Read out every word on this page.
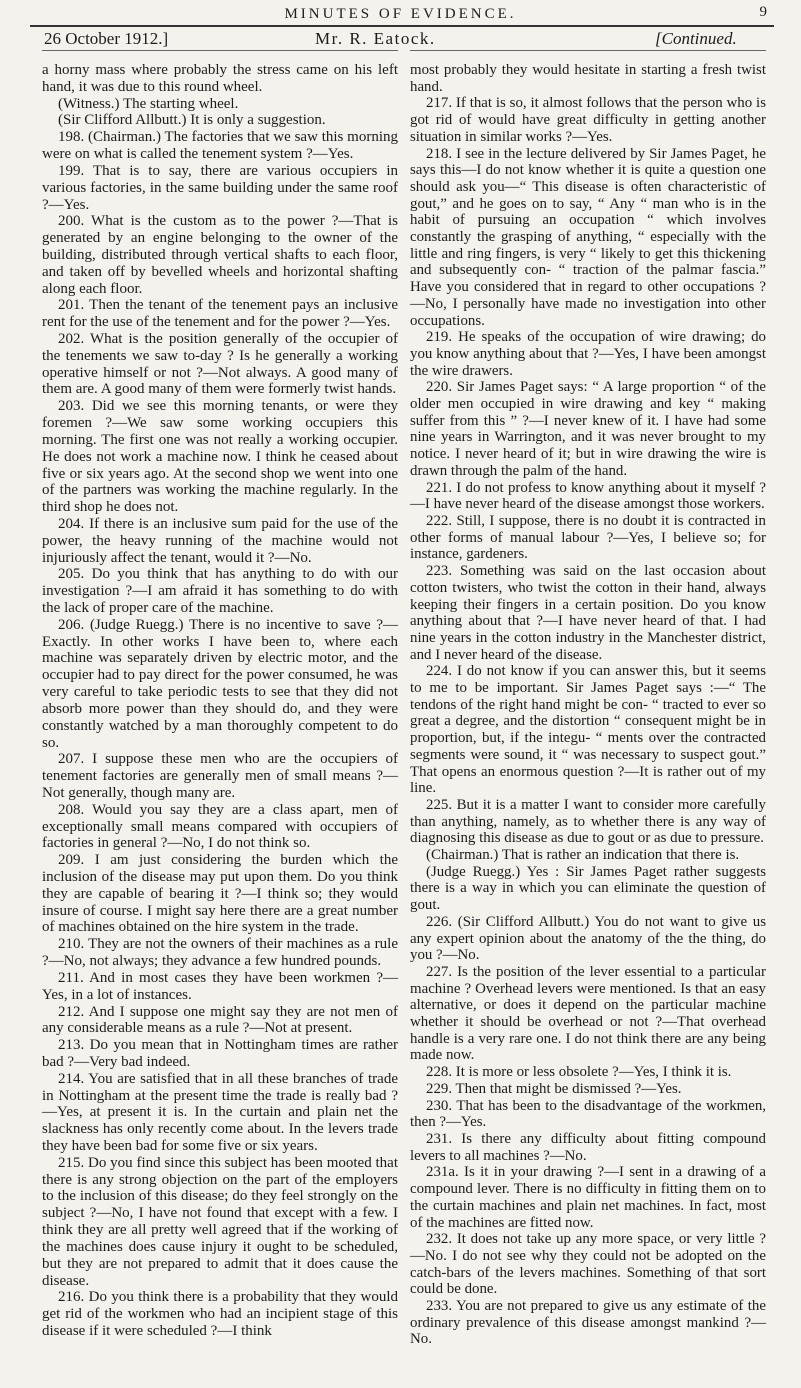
MINUTES OF EVIDENCE.	9
26 October 1912.]	Mr. R. Eatock.	[Continued.

a horny mass where probably the stress came on his left hand, it was due to this round wheel.

(Witness.) The starting wheel.

(Sir Clifford Allbutt.) It is only a suggestion.

198. (Chairman.) The factories that we saw this morning were on what is called the tenement system ?—Yes.

199. That is to say, there are various occupiers in various factories, in the same building under the same roof ?—Yes.

200. What is the custom as to the power ?—That is generated by an engine belonging to the owner of the building, distributed through vertical shafts to each floor, and taken off by bevelled wheels and horizontal shafting along each floor.

201. Then the tenant of the tenement pays an inclusive rent for the use of the tenement and for the power ?—Yes.

202. What is the position generally of the occupier of the tenements we saw to-day ? Is he generally a working operative himself or not ?—Not always. A good many of them are. A good many of them were formerly twist hands.

203. Did we see this morning tenants, or were they foremen ?—We saw some working occupiers this morning. The first one was not really a working occupier. He does not work a machine now. I think he ceased about five or six years ago. At the second shop we went into one of the partners was working the machine regularly. In the third shop he does not.

204. If there is an inclusive sum paid for the use of the power, the heavy running of the machine would not injuriously affect the tenant, would it ?—No.

205. Do you think that has anything to do with our investigation ?—I am afraid it has something to do with the lack of proper care of the machine.

206. (Judge Ruegg.) There is no incentive to save ?—Exactly. In other works I have been to, where each machine was separately driven by electric motor, and the occupier had to pay direct for the power consumed, he was very careful to take periodic tests to see that they did not absorb more power than they should do, and they were constantly watched by a man thoroughly competent to do so.

207. I suppose these men who are the occupiers of tenement factories are generally men of small means ?—Not generally, though many are.

208. Would you say they are a class apart, men of exceptionally small means compared with occupiers of factories in general ?—No, I do not think so.

209. I am just considering the burden which the inclusion of the disease may put upon them. Do you think they are capable of bearing it ?—I think so; they would insure of course. I might say here there are a great number of machines obtained on the hire system in the trade.

210. They are not the owners of their machines as a rule ?—No, not always; they advance a few hundred pounds.

211. And in most cases they have been workmen ?—Yes, in a lot of instances.

212. And I suppose one might say they are not men of any considerable means as a rule ?—Not at present.

213. Do you mean that in Nottingham times are rather bad ?—Very bad indeed.

214. You are satisfied that in all these branches of trade in Nottingham at the present time the trade is really bad ?—Yes, at present it is. In the curtain and plain net the slackness has only recently come about. In the levers trade they have been bad for some five or six years.

215. Do you find since this subject has been mooted that there is any strong objection on the part of the employers to the inclusion of this disease; do they feel strongly on the subject ?—No, I have not found that except with a few. I think they are all pretty well agreed that if the working of the machines does cause injury it ought to be scheduled, but they are not prepared to admit that it does cause the disease.

216. Do you think there is a probability that they would get rid of the workmen who had an incipient stage of this disease if it were scheduled ?—I think

most probably they would hesitate in starting a fresh twist hand.

217. If that is so, it almost follows that the person who is got rid of would have great difficulty in getting another situation in similar works ?—Yes.

218. I see in the lecture delivered by Sir James Paget, he says this—I do not know whether it is quite a question one should ask you—“ This disease is often characteristic of gout,” and he goes on to say, “ Any “ man who is in the habit of pursuing an occupation “ which involves constantly the grasping of anything, “ especially with the little and ring fingers, is very “ likely to get this thickening and subsequently con- “ traction of the palmar fascia.” Have you considered that in regard to other occupations ?—No, I personally have made no investigation into other occupations.

219. He speaks of the occupation of wire drawing; do you know anything about that ?—Yes, I have been amongst the wire drawers.

220. Sir James Paget says: “ A large proportion “ of the older men occupied in wire drawing and key “ making suffer from this ” ?—I never knew of it. I have had some nine years in Warrington, and it was never brought to my notice. I never heard of it; but in wire drawing the wire is drawn through the palm of the hand.

221. I do not profess to know anything about it myself ?—I have never heard of the disease amongst those workers.

222. Still, I suppose, there is no doubt it is contracted in other forms of manual labour ?—Yes, I believe so; for instance, gardeners.

223. Something was said on the last occasion about cotton twisters, who twist the cotton in their hand, always keeping their fingers in a certain position. Do you know anything about that ?—I have never heard of that. I had nine years in the cotton industry in the Manchester district, and I never heard of the disease.

224. I do not know if you can answer this, but it seems to me to be important. Sir James Paget says :—“ The tendons of the right hand might be con- “ tracted to ever so great a degree, and the distortion “ consequent might be in proportion, but, if the integu- “ ments over the contracted segments were sound, it “ was necessary to suspect gout.” That opens an enormous question ?—It is rather out of my line.

225. But it is a matter I want to consider more carefully than anything, namely, as to whether there is any way of diagnosing this disease as due to gout or as due to pressure.

(Chairman.) That is rather an indication that there is.

(Judge Ruegg.) Yes : Sir James Paget rather suggests there is a way in which you can eliminate the question of gout.

226. (Sir Clifford Allbutt.) You do not want to give us any expert opinion about the anatomy of the the thing, do you ?—No.

227. Is the position of the lever essential to a particular machine ? Overhead levers were mentioned. Is that an easy alternative, or does it depend on the particular machine whether it should be overhead or not ?—That overhead handle is a very rare one. I do not think there are any being made now.

228. It is more or less obsolete ?—Yes, I think it is.

229. Then that might be dismissed ?—Yes.

230. That has been to the disadvantage of the workmen, then ?—Yes.

231. Is there any difficulty about fitting compound levers to all machines ?—No.

231a. Is it in your drawing ?—I sent in a drawing of a compound lever. There is no difficulty in fitting them on to the curtain machines and plain net machines. In fact, most of the machines are fitted now.

232. It does not take up any more space, or very little ?—No. I do not see why they could not be adopted on the catch-bars of the levers machines. Something of that sort could be done.

233. You are not prepared to give us any estimate of the ordinary prevalence of this disease amongst mankind ?—No.
